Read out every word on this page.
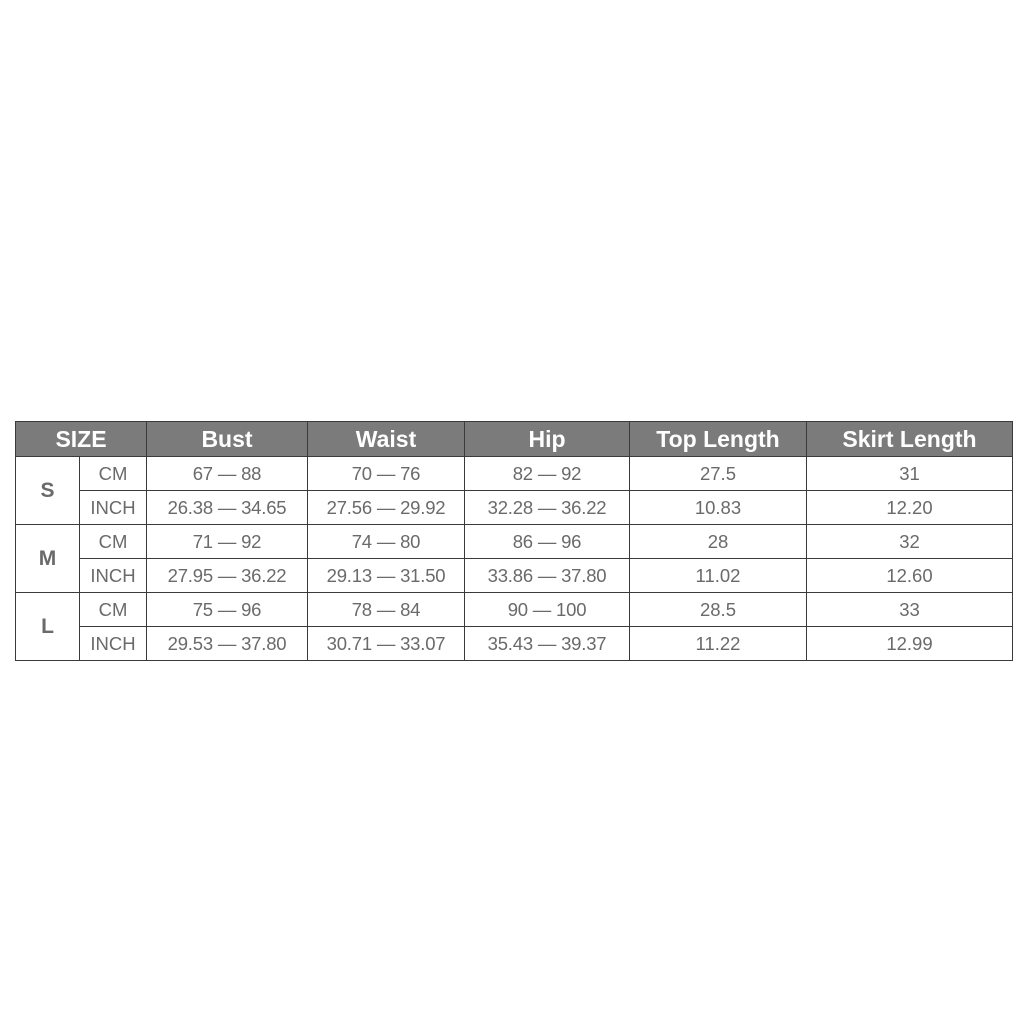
SIZE		Bust	Waist	Hip	Top Length	Skirt Length
S	CM	67 — 88	70 — 76	82 — 92	27.5	31
	INCH	26.38 — 34.65	27.56 — 29.92	32.28 — 36.22	10.83	12.20
M	CM	71 — 92	74 — 80	86 — 96	28	32
	INCH	27.95 — 36.22	29.13 — 31.50	33.86 — 37.80	11.02	12.60
L	CM	75 — 96	78 — 84	90 — 100	28.5	33
	INCH	29.53 — 37.80	30.71 — 33.07	35.43 — 39.37	11.22	12.99
